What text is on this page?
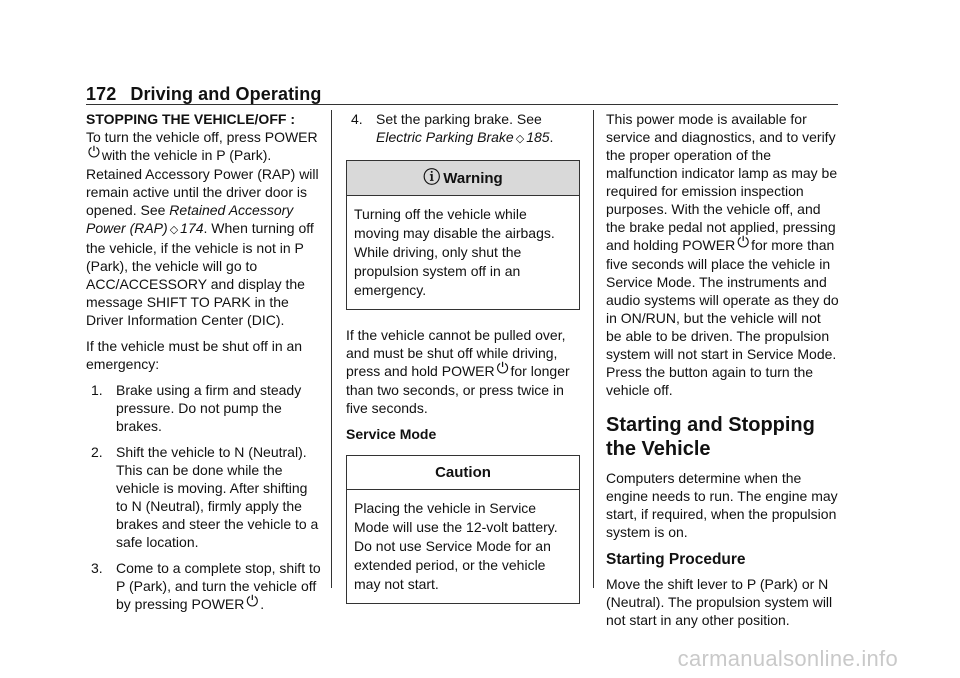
172 Driving and Operating
STOPPING THE VEHICLE/OFF :

To turn the vehicle off, press POWER⏻ with the vehicle in P (Park). Retained Accessory Power (RAP) will remain active until the driver door is opened. See Retained Accessory Power (RAP) ◇ 174. When turning off the vehicle, if the vehicle is not in P (Park), the vehicle will go to ACC/ACCESSORY and display the message SHIFT TO PARK in the Driver Information Center (DIC).

If the vehicle must be shut off in an emergency:

1. Brake using a firm and steady pressure. Do not pump the brakes.
2. Shift the vehicle to N (Neutral). This can be done while the vehicle is moving. After shifting to N (Neutral), firmly apply the brakes and steer the vehicle to a safe location.
3. Come to a complete stop, shift to P (Park), and turn the vehicle off by pressing POWER ⏻ .
4. Set the parking brake. See Electric Parking Brake ◇ 185.
ⓘ Warning
Turning off the vehicle while moving may disable the airbags. While driving, only shut the propulsion system off in an emergency.

If the vehicle cannot be pulled over, and must be shut off while driving, press and hold POWER ⏻ for longer than two seconds, or press twice in five seconds.

Service Mode
Caution
Placing the vehicle in Service Mode will use the 12-volt battery. Do not use Service Mode for an extended period, or the vehicle may not start.

This power mode is available for service and diagnostics, and to verify the proper operation of the malfunction indicator lamp as may be required for emission inspection purposes. With the vehicle off, and the brake pedal not applied, pressing and holding POWER ⏻ for more than five seconds will place the vehicle in Service Mode. The instruments and audio systems will operate as they do in ON/RUN, but the vehicle will not be able to be driven. The propulsion system will not start in Service Mode. Press the button again to turn the vehicle off.

Starting and Stopping the Vehicle

Computers determine when the engine needs to run. The engine may start, if required, when the propulsion system is on.

Starting Procedure

Move the shift lever to P (Park) or N (Neutral). The propulsion system will not start in any other position.

carmanualsonline.info
